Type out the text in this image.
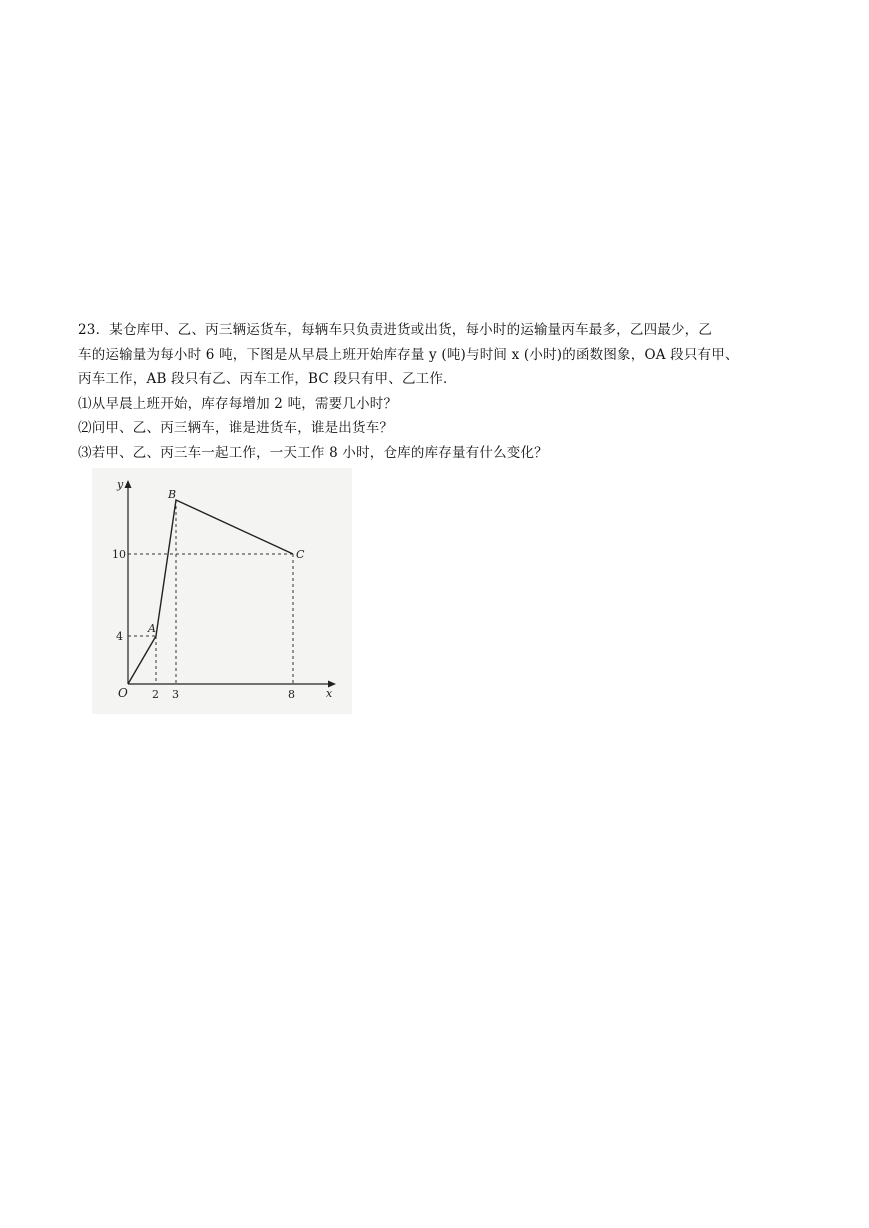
23．某仓库甲、乙、丙三辆运货车，每辆车只负责进货或出货，每小时的运输量丙车最多，乙四最少，乙

车的运输量为每小时 6 吨，下图是从早晨上班开始库存量 y (吨)与时间 x (小时)的函数图象，OA 段只有甲、

丙车工作，AB 段只有乙、丙车工作，BC 段只有甲、乙工作．

⑴从早晨上班开始，库存每增加 2 吨，需要几小时？

⑵问甲、乙、丙三辆车，谁是进货车，谁是出货车？

⑶若甲、乙、丙三车一起工作，一天工作 8 小时，仓库的库存量有什么变化？

y
x
O 2 3	8
10
4
A
B
C
